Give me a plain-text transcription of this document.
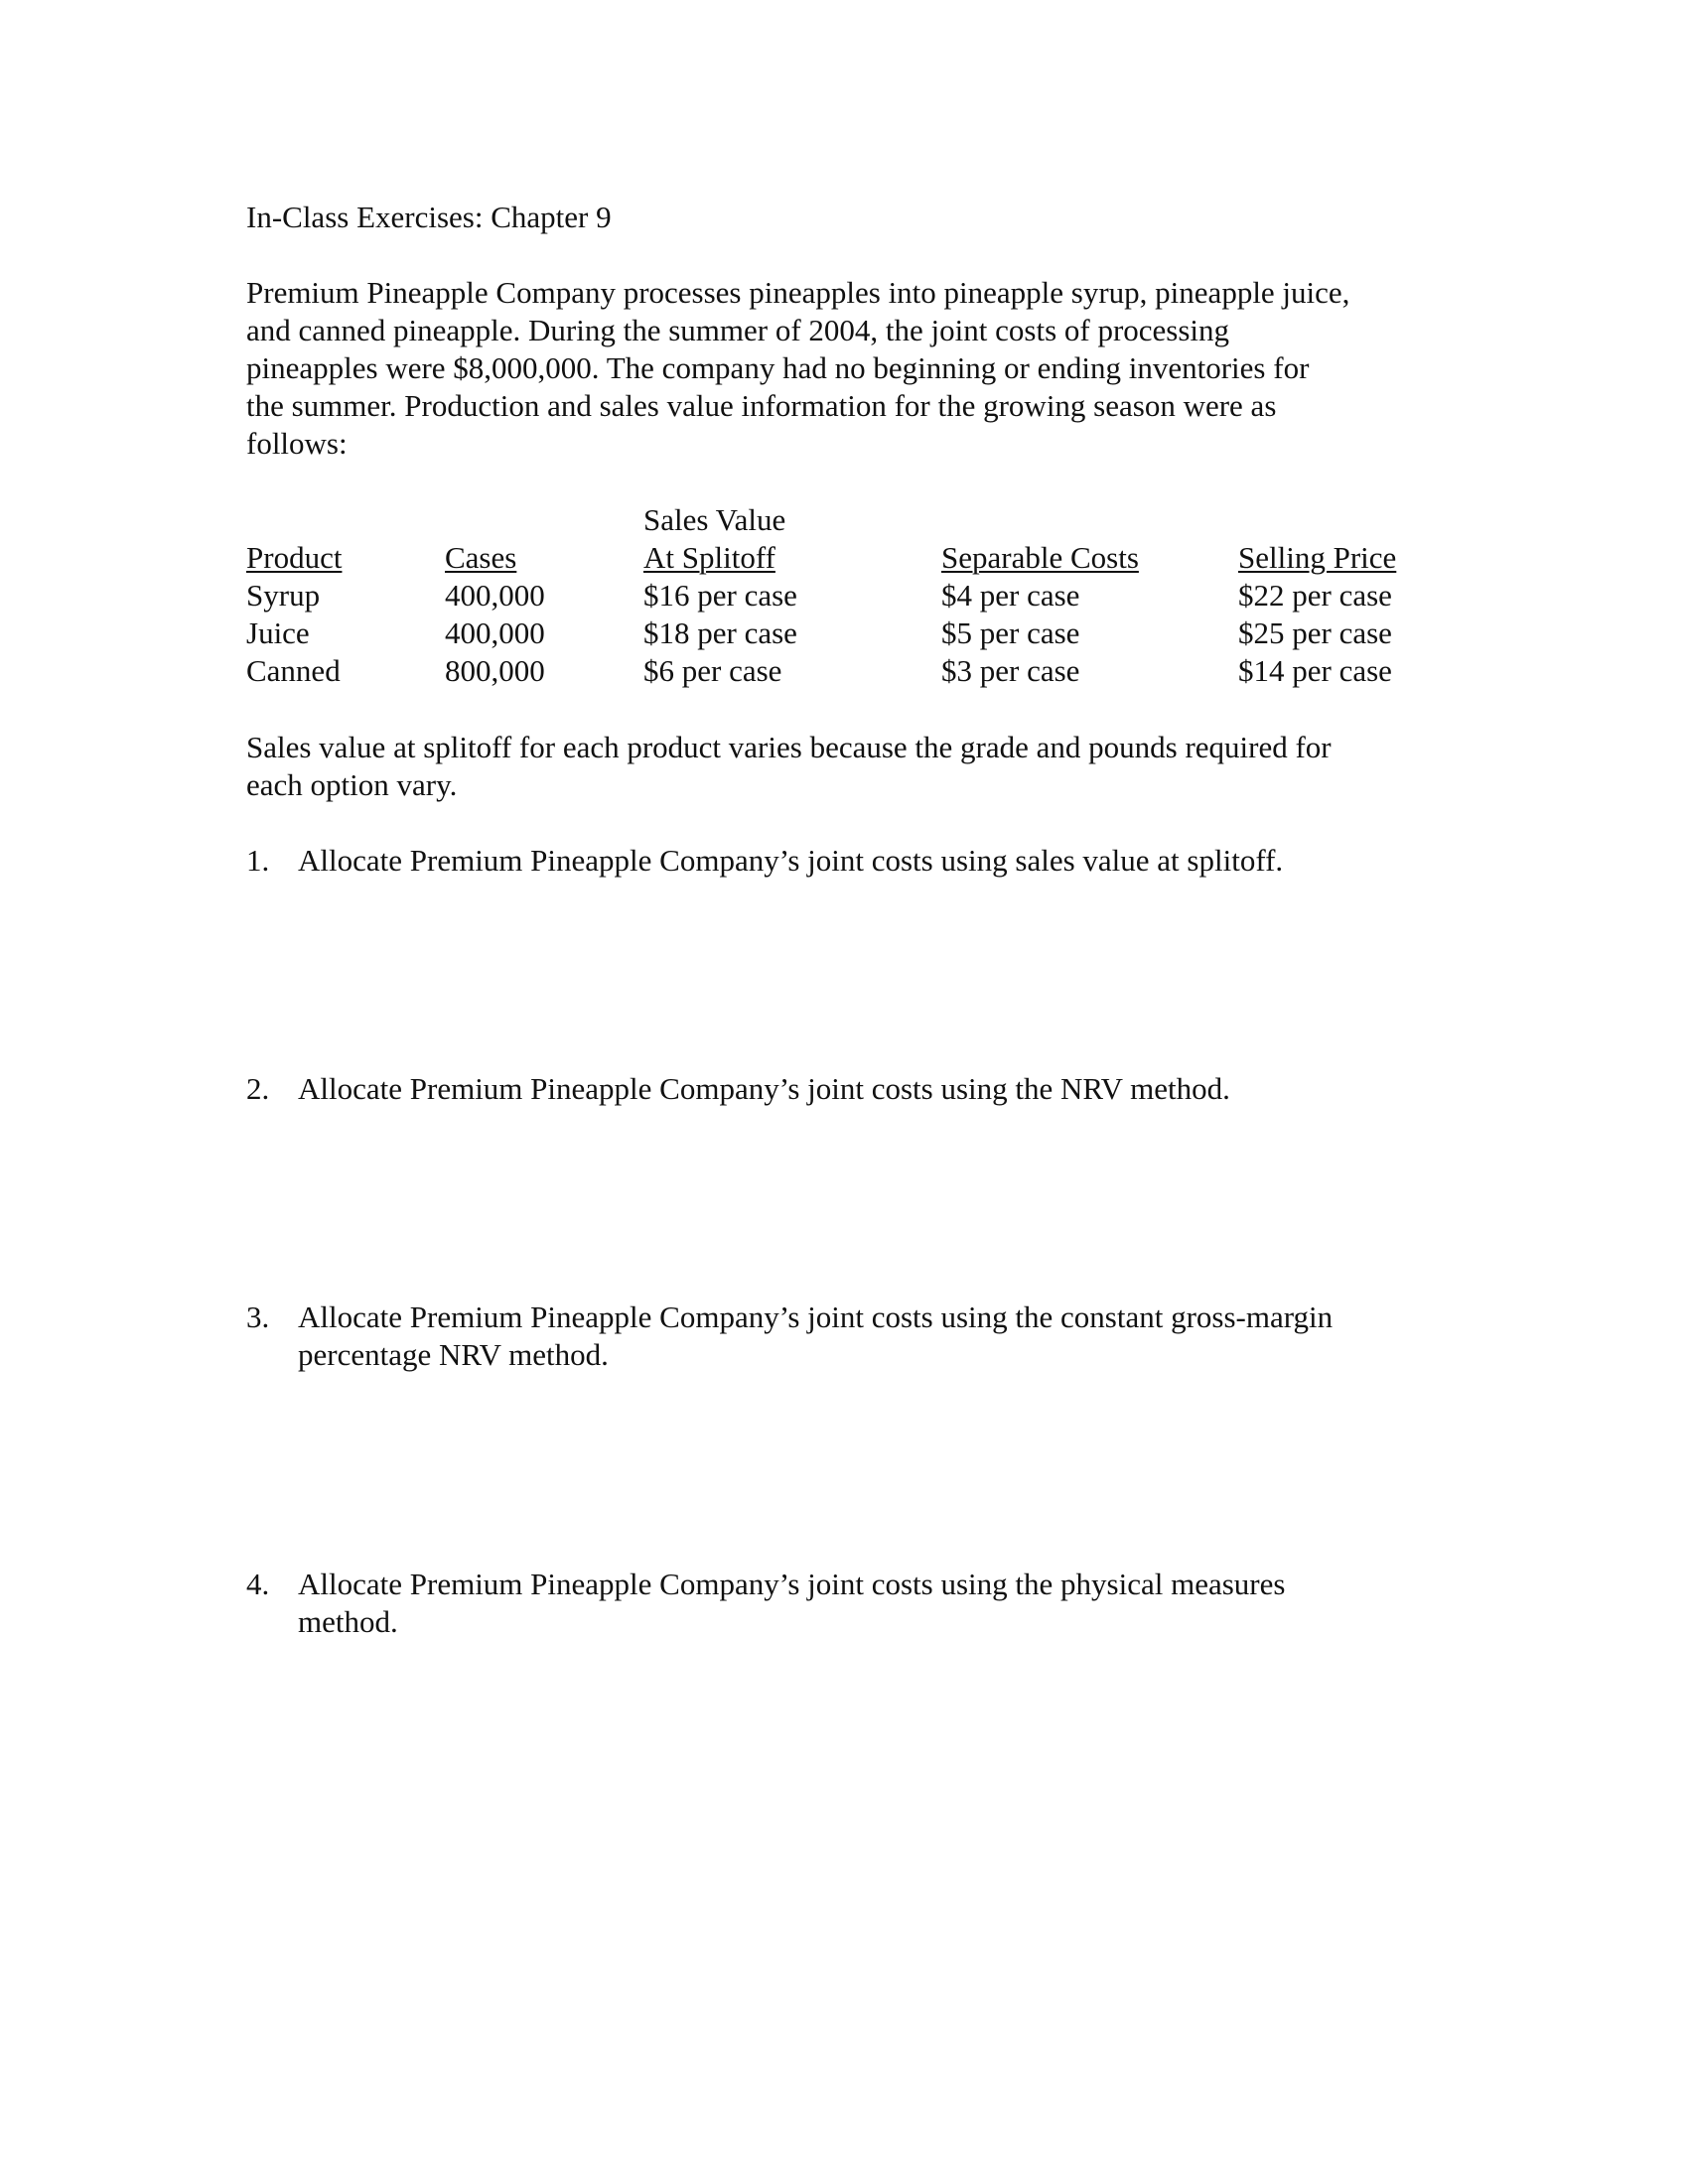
In-Class Exercises: Chapter 9
Premium Pineapple Company processes pineapples into pineapple syrup, pineapple juice,
and canned pineapple. During the summer of 2004, the joint costs of processing
pineapples were $8,000,000. The company had no beginning or ending inventories for
the summer. Production and sales value information for the growing season were as
follows:
Sales Value
Product	Cases	At Splitoff	Separable Costs	Selling Price
Syrup	400,000	$16 per case	$4 per case	$22 per case
Juice	400,000	$18 per case	$5 per case	$25 per case
Canned	800,000	$6 per case	$3 per case	$14 per case
Sales value at splitoff for each product varies because the grade and pounds required for
each option vary.
1. Allocate Premium Pineapple Company’s joint costs using sales value at splitoff.
2. Allocate Premium Pineapple Company’s joint costs using the NRV method.
3. Allocate Premium Pineapple Company’s joint costs using the constant gross-margin
percentage NRV method.
4. Allocate Premium Pineapple Company’s joint costs using the physical measures
method.
